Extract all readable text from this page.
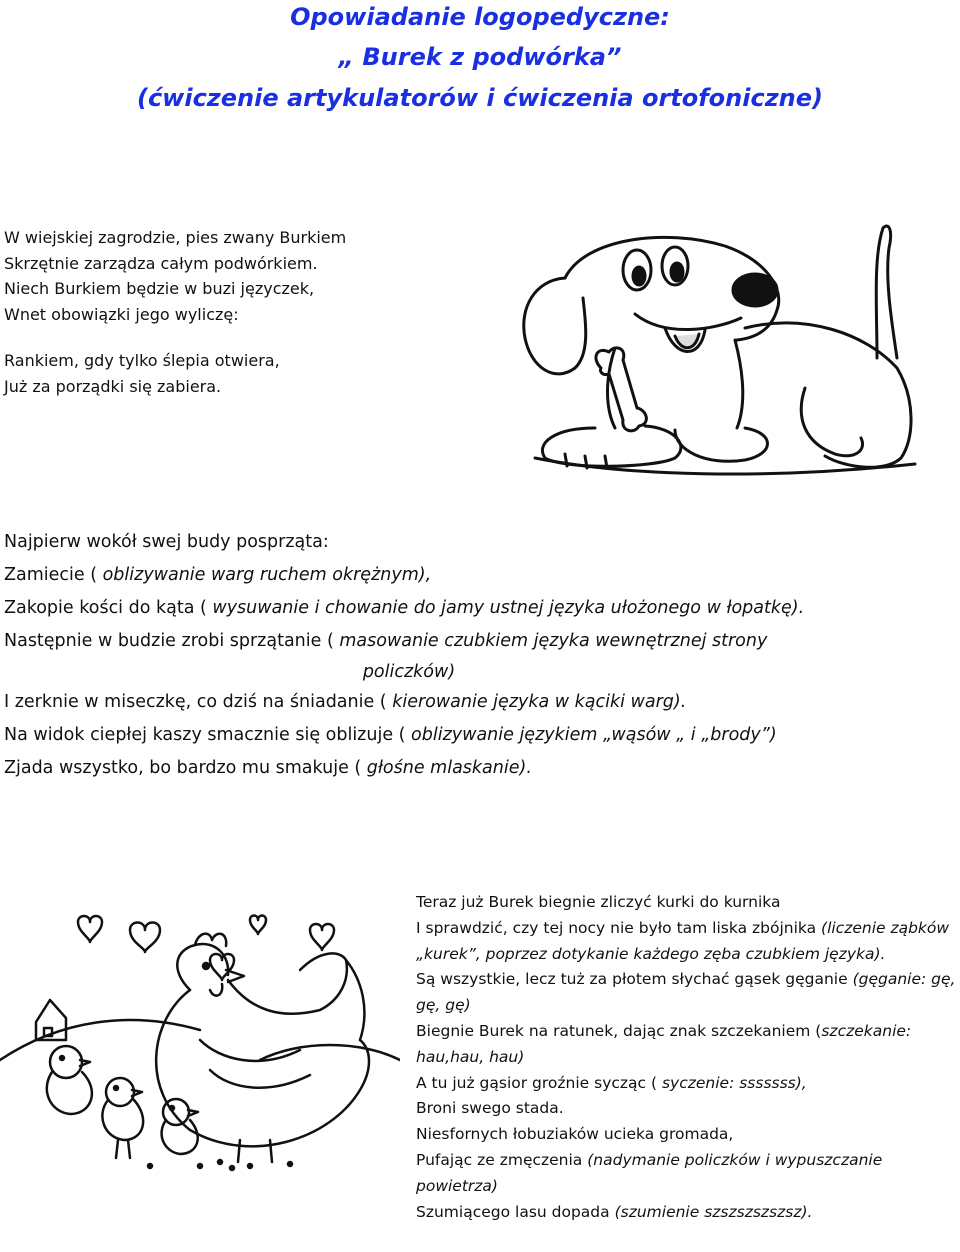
Opowiadanie logopedyczne:
„ Burek z podwórka”
(ćwiczenie artykulatorów i ćwiczenia ortofoniczne)
W wiejskiej zagrodzie, pies zwany Burkiem
Skrzętnie zarządza całym podwórkiem.
Niech Burkiem będzie w buzi języczek,
Wnet obowiązki jego wyliczę:
Rankiem, gdy tylko ślepia otwiera,
Już za porządki się zabiera.
Najpierw wokół swej budy posprząta:
Zamiecie ( oblizywanie warg ruchem okrężnym),
Zakopie kości do kąta ( wysuwanie i chowanie do jamy ustnej języka ułożonego w łopatkę).
Następnie w budzie zrobi sprzątanie ( masowanie czubkiem języka wewnętrznej strony
policzków)
I zerknie w miseczkę, co dziś na śniadanie ( kierowanie języka w kąciki warg).
Na widok ciepłej kaszy smacznie się oblizuje ( oblizywanie językiem „wąsów „ i „brody”)
Zjada wszystko, bo bardzo mu smakuje ( głośne mlaskanie).

Teraz już Burek biegnie zliczyć kurki do kurnika

I sprawdzić, czy tej nocy nie było tam liska zbójnika (liczenie ząbków „kurek”, poprzez dotykanie każdego zęba czubkiem języka).

Są wszystkie, lecz tuż za płotem słychać gąsek gęganie (gęganie: gę, gę, gę)

Biegnie Burek na ratunek, dając znak szczekaniem (szczekanie: hau,hau, hau)

A tu już gąsior groźnie sycząc ( syczenie: sssssss),

Broni swego stada.

Niesfornych łobuziaków ucieka gromada,

Pufając ze zmęczenia (nadymanie policzków i wypuszczanie powietrza)

Szumiącego lasu dopada (szumienie szszszszszsz).
